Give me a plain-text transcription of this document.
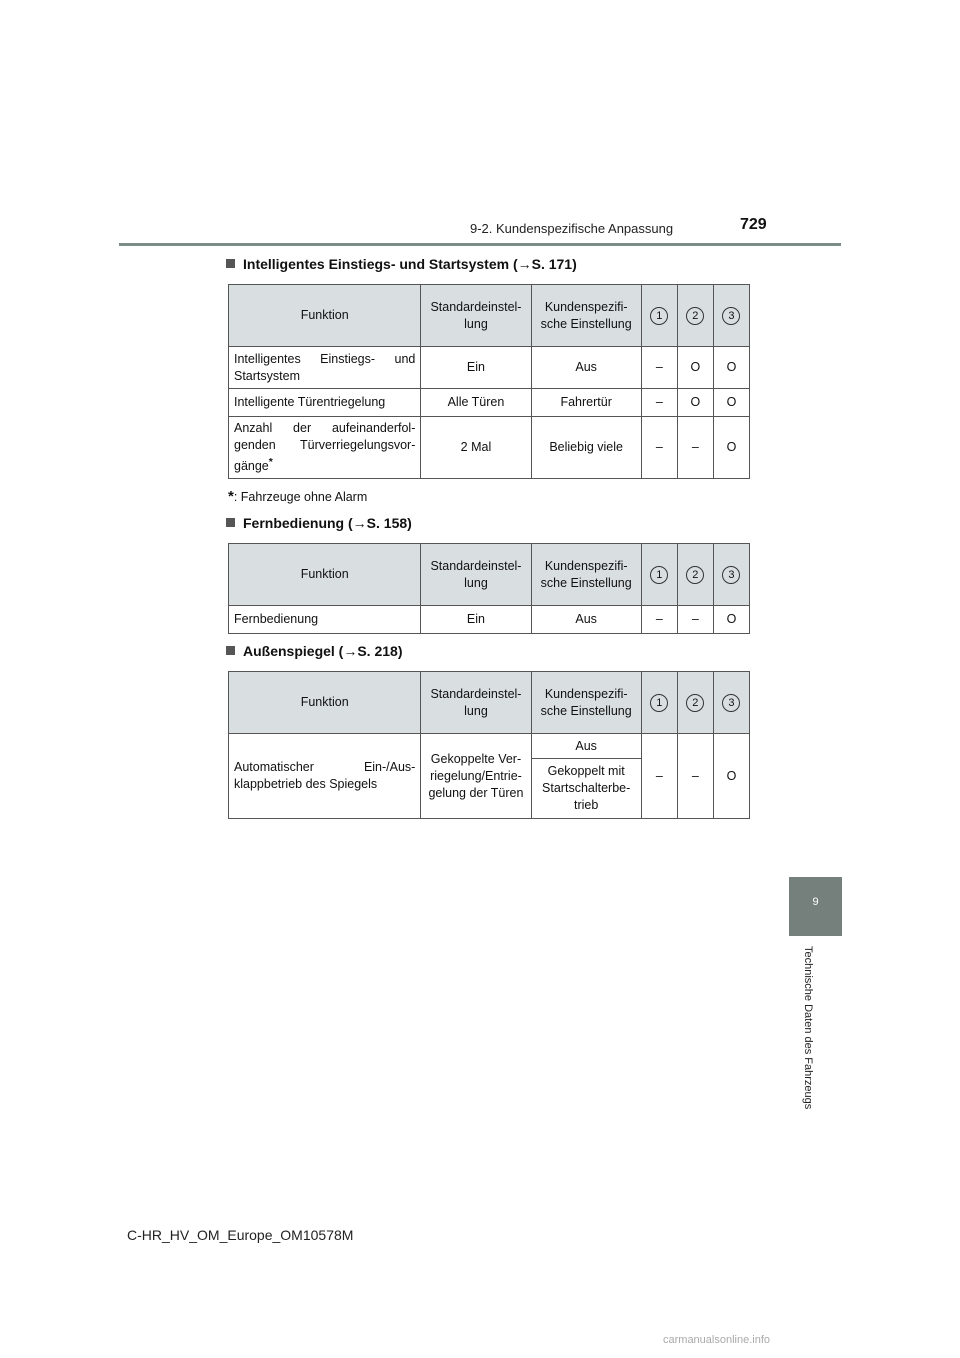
9-2. Kundenspezifische Anpassung	729
Intelligentes Einstiegs- und Startsystem (→S. 171)
Funktion	Standardeinstel-lung	Kundenspezifi-sche Einstellung	1	2	3
Intelligentes Einstiegs- und Startsystem	Ein	Aus	–	O	O
Intelligente Türentriegelung	Alle Türen	Fahrertür	–	O	O
Anzahl der aufeinanderfol-genden Türverriegelungsvor-gänge*	2 Mal	Beliebig viele	–	–	O
*: Fahrzeuge ohne Alarm
Fernbedienung (→S. 158)
Funktion	Standardeinstel-lung	Kundenspezifi-sche Einstellung	1	2	3
Fernbedienung	Ein	Aus	–	–	O
Außenspiegel (→S. 218)
Funktion	Standardeinstel-lung	Kundenspezifi-sche Einstellung	1	2	3
Automatischer Ein-/Aus-klappbetrieb des Spiegels	Gekoppelte Ver-riegelung/Entrie-gelung der Türen	Aus	–	–	O
		Gekoppelt mit Startschalterbe-trieb			
9
Technische Daten des Fahrzeugs
C-HR_HV_OM_Europe_OM10578M
carmanualsonline.info
